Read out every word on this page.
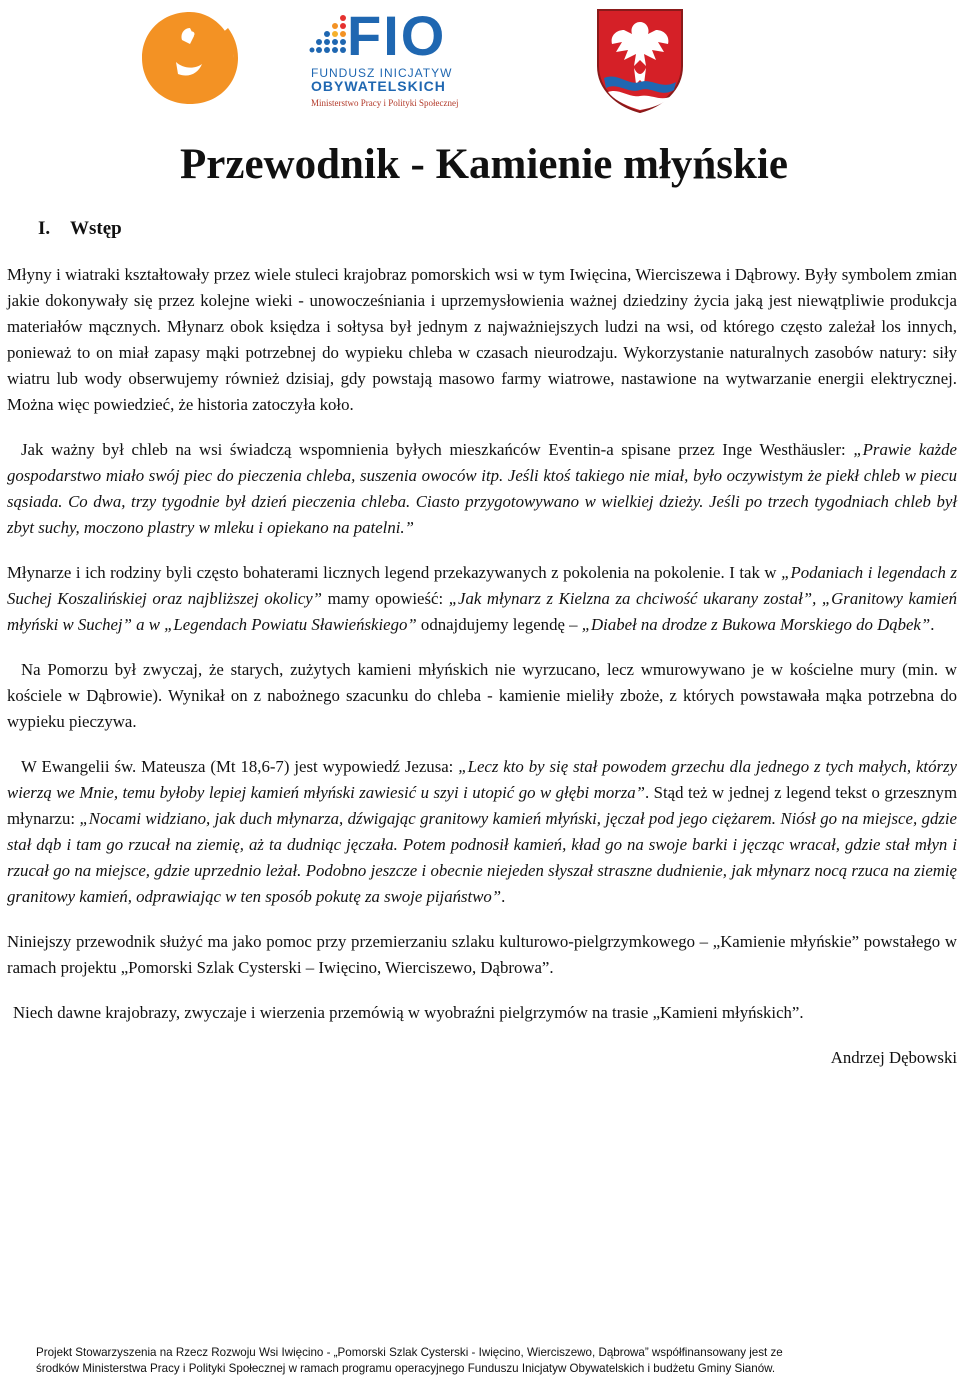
FIO
FUNDUSZ INICJATYW
OBYWATELSKICH
Ministerstwo Pracy i Polityki Społecznej
Przewodnik - Kamienie młyńskie
I. Wstęp

Młyny i wiatraki kształtowały przez wiele stuleci krajobraz pomorskich wsi w tym Iwięcina, Wierciszewa i Dąbrowy. Były symbolem zmian jakie dokonywały się przez kolejne wieki - unowocześniania i uprzemysłowienia ważnej dziedziny życia jaką jest niewątpliwie produkcja materiałów mącznych. Młynarz obok księdza i sołtysa był jednym z najważniejszych ludzi na wsi, od którego często zależał los innych, ponieważ to on miał zapasy mąki potrzebnej do wypieku chleba w czasach nieurodzaju. Wykorzystanie naturalnych zasobów natury: siły wiatru lub wody obserwujemy również dzisiaj, gdy powstają masowo farmy wiatrowe, nastawione na wytwarzanie energii elektrycznej. Można więc powiedzieć, że historia zatoczyła koło.

Jak ważny był chleb na wsi świadczą wspomnienia byłych mieszkańców Eventin-a spisane przez Inge Westhäusler: „Prawie każde gospodarstwo miało swój piec do pieczenia chleba, suszenia owoców itp. Jeśli ktoś takiego nie miał, było oczywistym że piekł chleb w piecu sąsiada. Co dwa, trzy tygodnie był dzień pieczenia chleba. Ciasto przygotowywano w wielkiej dzieży. Jeśli po trzech tygodniach chleb był zbyt suchy, moczono plastry w mleku i opiekano na patelni.”

Młynarze i ich rodziny byli często bohaterami licznych legend przekazywanych z pokolenia na pokolenie. I tak w „Podaniach i legendach z Suchej Koszalińskiej oraz najbliższej okolicy” mamy opowieść: „Jak młynarz z Kielzna za chciwość ukarany został”, „Granitowy kamień młyński w Suchej” a w „Legendach Powiatu Sławieńskiego” odnajdujemy legendę – „Diabeł na drodze z Bukowa Morskiego do Dąbek”.

Na Pomorzu był zwyczaj, że starych, zużytych kamieni młyńskich nie wyrzucano, lecz wmurowywano je w kościelne mury (min. w kościele w Dąbrowie). Wynikał on z nabożnego szacunku do chleba - kamienie mieliły zboże, z których powstawała mąka potrzebna do wypieku pieczywa.

W Ewangelii św. Mateusza (Mt 18,6-7) jest wypowiedź Jezusa: „Lecz kto by się stał powodem grzechu dla jednego z tych małych, którzy wierzą we Mnie, temu byłoby lepiej kamień młyński zawiesić u szyi i utopić go w głębi morza”. Stąd też w jednej z legend tekst o grzesznym młynarzu: „Nocami widziano, jak duch młynarza, dźwigając granitowy kamień młyński, jęczał pod jego ciężarem. Niósł go na miejsce, gdzie stał dąb i tam go rzucał na ziemię, aż ta dudniąc jęczała. Potem podnosił kamień, kład go na swoje barki i jęcząc wracał, gdzie stał młyn i rzucał go na miejsce, gdzie uprzednio leżał. Podobno jeszcze i obecnie niejeden słyszał straszne dudnienie, jak młynarz nocą rzuca na ziemię granitowy kamień, odprawiając w ten sposób pokutę za swoje pijaństwo”.

Niniejszy przewodnik służyć ma jako pomoc przy przemierzaniu szlaku kulturowo-pielgrzymkowego – „Kamienie młyńskie” powstałego w ramach projektu „Pomorski Szlak Cysterski – Iwięcino, Wierciszewo, Dąbrowa”.

Niech dawne krajobrazy, zwyczaje i wierzenia przemówią w wyobraźni pielgrzymów na trasie „Kamieni młyńskich”.

Andrzej Dębowski

Projekt Stowarzyszenia na Rzecz Rozwoju Wsi Iwięcino - „Pomorski Szlak Cysterski - Iwięcino, Wierciszewo, Dąbrowa” współfinansowany jest ze
środków Ministerstwa Pracy i Polityki Społecznej w ramach programu operacyjnego Funduszu Inicjatyw Obywatelskich i budżetu Gminy Sianów.
